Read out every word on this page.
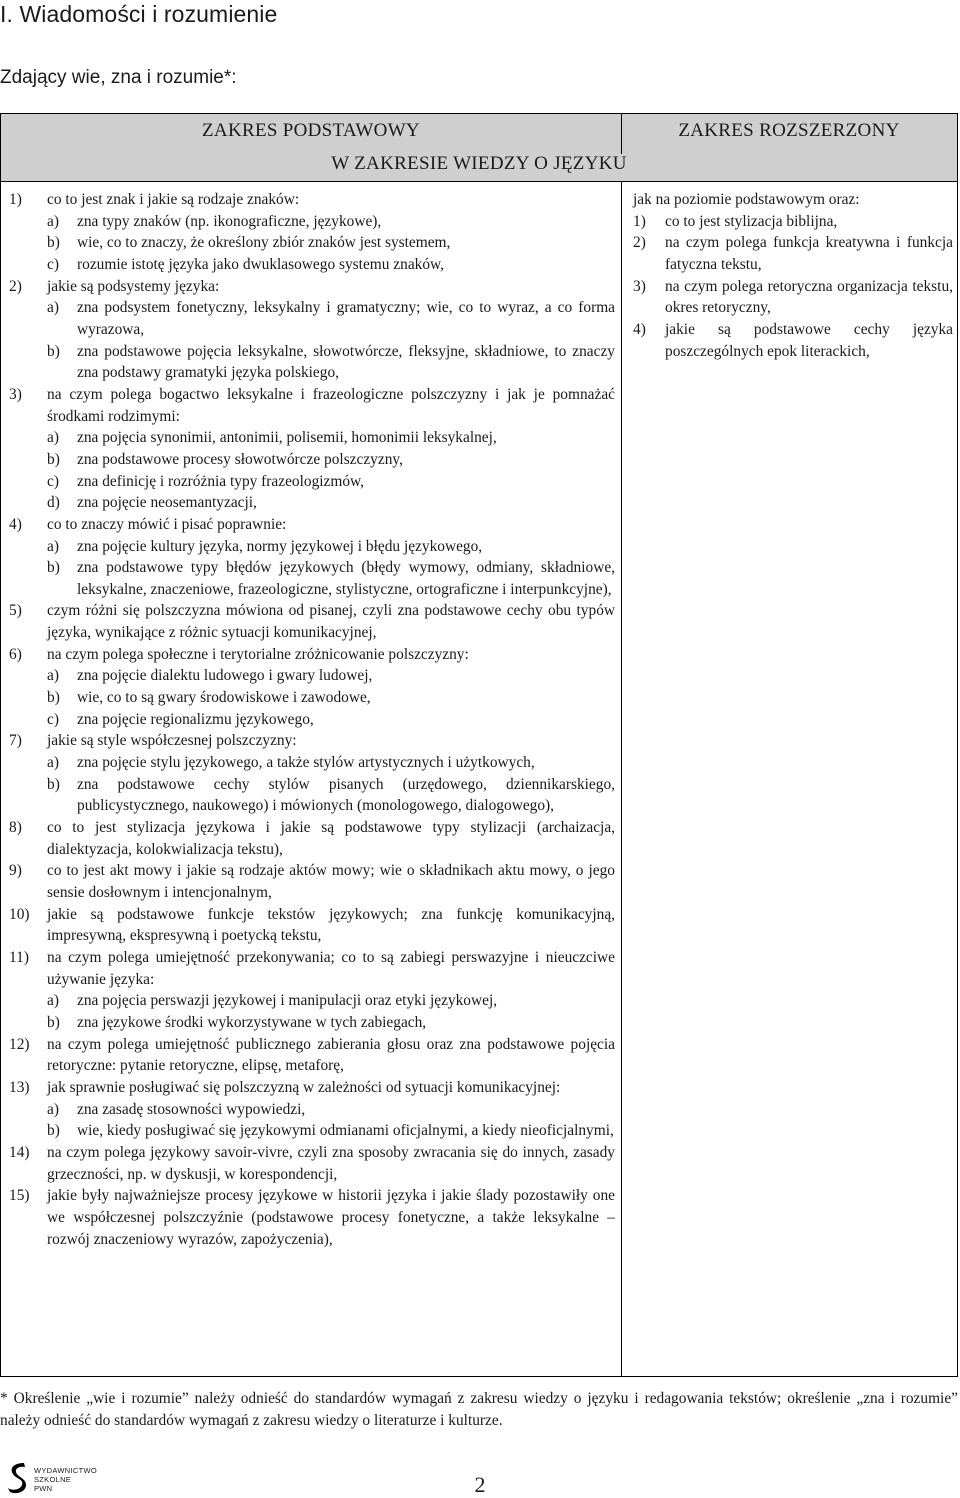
I. Wiadomości i rozumienie
Zdający wie, zna i rozumie*:
ZAKRES PODSTAWOWY	ZAKRES ROZSZERZONY
W ZAKRESIE WIEDZY O JĘZYKU
1) co to jest znak i jakie są rodzaje znaków:
a) zna typy znaków (np. ikonograficzne, językowe),
b) wie, co to znaczy, że określony zbiór znaków jest systemem,
c) rozumie istotę języka jako dwuklasowego systemu znaków,
2) jakie są podsystemy języka:
a) zna podsystem fonetyczny, leksykalny i gramatyczny; wie, co to wyraz, a co forma wyrazowa,
b) zna podstawowe pojęcia leksykalne, słowotwórcze, fleksyjne, składniowe, to znaczy zna podstawy gramatyki języka polskiego,
3) na czym polega bogactwo leksykalne i frazeologiczne polszczyzny i jak je pomnażać środkami rodzimymi:
a) zna pojęcia synonimii, antonimii, polisemii, homonimii leksykalnej,
b) zna podstawowe procesy słowotwórcze polszczyzny,
c) zna definicję i rozróżnia typy frazeologizmów,
d) zna pojęcie neosemantyzacji,
4) co to znaczy mówić i pisać poprawnie:
a) zna pojęcie kultury języka, normy językowej i błędu językowego,
b) zna podstawowe typy błędów językowych (błędy wymowy, odmiany, składniowe, leksykalne, znaczeniowe, frazeologiczne, stylistyczne, ortograficzne i interpunkcyjne),
5) czym różni się polszczyzna mówiona od pisanej, czyli zna podstawowe cechy obu typów języka, wynikające z różnic sytuacji komunikacyjnej,
6) na czym polega społeczne i terytorialne zróżnicowanie polszczyzny:
a) zna pojęcie dialektu ludowego i gwary ludowej,
b) wie, co to są gwary środowiskowe i zawodowe,
c) zna pojęcie regionalizmu językowego,
7) jakie są style współczesnej polszczyzny:
a) zna pojęcie stylu językowego, a także stylów artystycznych i użytkowych,
b) zna podstawowe cechy stylów pisanych (urzędowego, dziennikarskiego, publicystycznego, naukowego) i mówionych (monologowego, dialogowego),
8) co to jest stylizacja językowa i jakie są podstawowe typy stylizacji (archaizacja, dialektyzacja, kolokwializacja tekstu),
9) co to jest akt mowy i jakie są rodzaje aktów mowy; wie o składnikach aktu mowy, o jego sensie dosłownym i intencjonalnym,
10) jakie są podstawowe funkcje tekstów językowych; zna funkcję komunikacyjną, impresywną, ekspresywną i poetycką tekstu,
11) na czym polega umiejętność przekonywania; co to są zabiegi perswazyjne i nieuczciwe używanie języka:
a) zna pojęcia perswazji językowej i manipulacji oraz etyki językowej,
b) zna językowe środki wykorzystywane w tych zabiegach,
12) na czym polega umiejętność publicznego zabierania głosu oraz zna podstawowe pojęcia retoryczne: pytanie retoryczne, elipsę, metaforę,
13) jak sprawnie posługiwać się polszczyzną w zależności od sytuacji komunikacyjnej:
a) zna zasadę stosowności wypowiedzi,
b) wie, kiedy posługiwać się językowymi odmianami oficjalnymi, a kiedy nieoficjalnymi,
14) na czym polega językowy savoir-vivre, czyli zna sposoby zwracania się do innych, zasady grzeczności, np. w dyskusji, w korespondencji,
15) jakie były najważniejsze procesy językowe w historii języka i jakie ślady pozostawiły one we współczesnej polszczyźnie (podstawowe procesy fonetyczne, a także leksykalne – rozwój znaczeniowy wyrazów, zapożyczenia),
jak na poziomie podstawowym oraz:
1) co to jest stylizacja biblijna,
2) na czym polega funkcja kreatywna i funkcja fatyczna tekstu,
3) na czym polega retoryczna organizacja tekstu, okres retoryczny,
4) jakie są podstawowe cechy języka poszczególnych epok literackich,
* Określenie „wie i rozumie” należy odnieść do standardów wymagań z zakresu wiedzy o języku i redagowania tekstów; określenie „zna i rozumie” należy odnieść do standardów wymagań z zakresu wiedzy o literaturze i kulturze.
WYDAWNICTWO
SZKOLNE
PWN	2
